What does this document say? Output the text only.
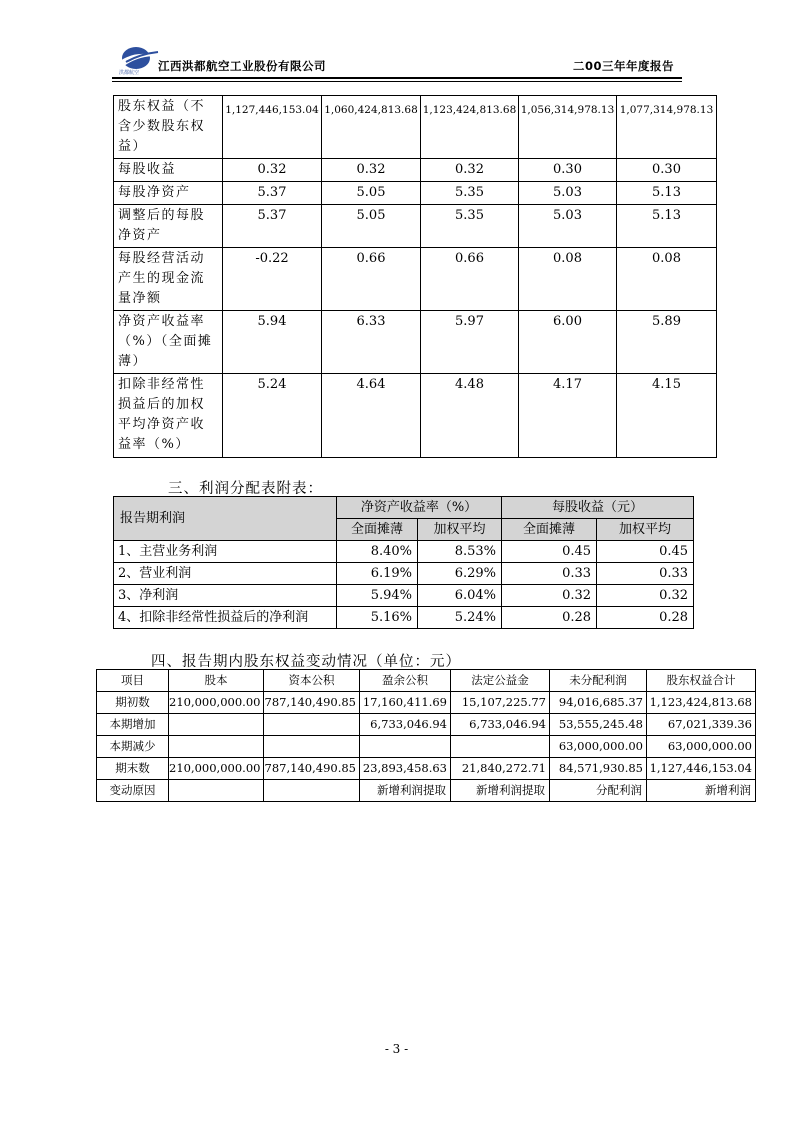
洪都航空 江西洪都航空工业股份有限公司	二00三年年度报告
股东权益（不含少数股东权益）	1,127,446,153.04	1,060,424,813.68	1,123,424,813.68	1,056,314,978.13	1,077,314,978.13
每股收益	0.32	0.32	0.32	0.30	0.30
每股净资产	5.37	5.05	5.35	5.03	5.13
调整后的每股净资产	5.37	5.05	5.35	5.03	5.13
每股经营活动产生的现金流量净额	-0.22	0.66	0.66	0.08	0.08
净资产收益率（%）（全面摊薄）	5.94	6.33	5.97	6.00	5.89
扣除非经常性损益后的加权平均净资产收益率（%）	5.24	4.64	4.48	4.17	4.15
三、利润分配表附表：
报告期利润	净资产收益率（%）		每股收益（元）	
	全面摊薄	加权平均	全面摊薄	加权平均
1、主营业务利润	8.40%	8.53%	0.45	0.45
2、营业利润	6.19%	6.29%	0.33	0.33
3、净利润	5.94%	6.04%	0.32	0.32
4、扣除非经常性损益后的净利润	5.16%	5.24%	0.28	0.28
四、报告期内股东权益变动情况（单位：元）
项目	股本	资本公积	盈余公积	法定公益金	未分配利润	股东权益合计
期初数	210,000,000.00	787,140,490.85	17,160,411.69	15,107,225.77	94,016,685.37	1,123,424,813.68
本期增加			6,733,046.94	6,733,046.94	53,555,245.48	67,021,339.36
本期减少					63,000,000.00	63,000,000.00
期末数	210,000,000.00	787,140,490.85	23,893,458.63	21,840,272.71	84,571,930.85	1,127,446,153.04
变动原因			新增利润提取	新增利润提取	分配利润	新增利润
- 3 -
